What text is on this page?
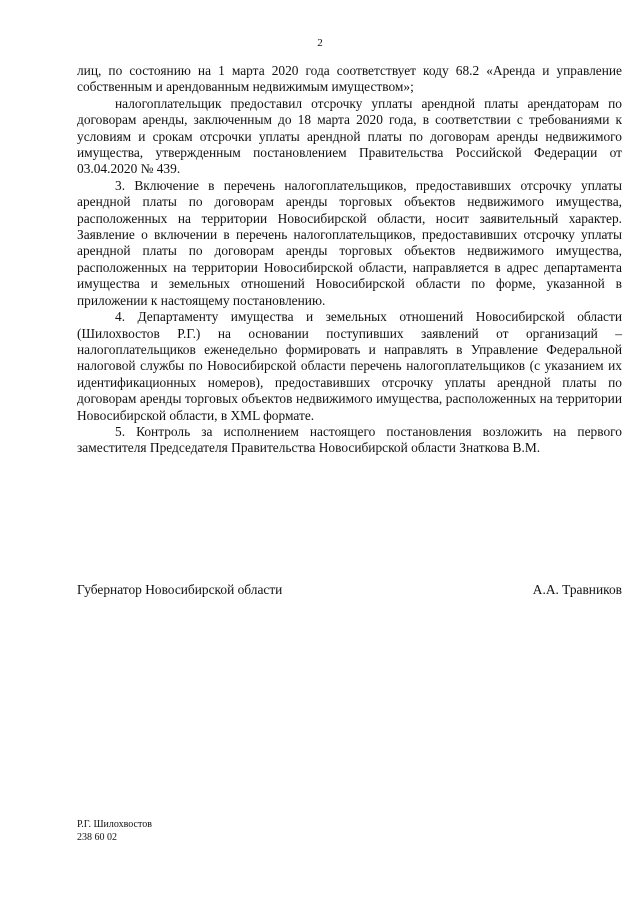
2

лиц, по состоянию на 1 марта 2020 года соответствует коду 68.2 «Аренда и управление собственным и арендованным недвижимым имуществом»;

налогоплательщик предоставил отсрочку уплаты арендной платы арендаторам по договорам аренды, заключенным до 18 марта 2020 года, в соответствии с требованиями к условиям и срокам отсрочки уплаты арендной платы по договорам аренды недвижимого имущества, утвержденным постановлением Правительства Российской Федерации от 03.04.2020 № 439.

3. Включение в перечень налогоплательщиков, предоставивших отсрочку уплаты арендной платы по договорам аренды торговых объектов недвижимого имущества, расположенных на территории Новосибирской области, носит заявительный характер. Заявление о включении в перечень налогоплательщиков, предоставивших отсрочку уплаты арендной платы по договорам аренды торговых объектов недвижимого имущества, расположенных на территории Новосибирской области, направляется в адрес департамента имущества и земельных отношений Новосибирской области по форме, указанной в приложении к настоящему постановлению.

4. Департаменту имущества и земельных отношений Новосибирской области (Шилохвостов Р.Г.) на основании поступивших заявлений от организаций – налогоплательщиков еженедельно формировать и направлять в Управление Федеральной налоговой службы по Новосибирской области перечень налогоплательщиков (с указанием их идентификационных номеров), предоставивших отсрочку уплаты арендной платы по договорам аренды торговых объектов недвижимого имущества, расположенных на территории Новосибирской области, в XML формате.

5. Контроль за исполнением настоящего постановления возложить на первого заместителя Председателя Правительства Новосибирской области Знаткова В.М.

Губернатор Новосибирской области	А.А. Травников
Р.Г. Шилохвостов
238 60 02
